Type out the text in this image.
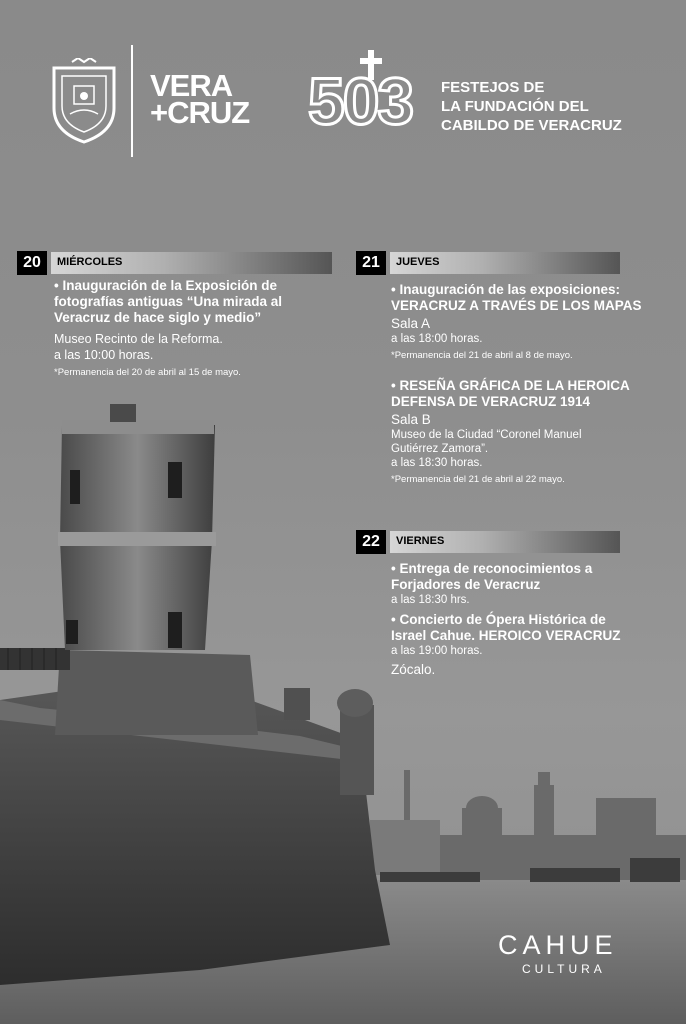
VERA
+CRUZ 503 FESTEJOS DE
LA FUNDACIÓN DEL
CABILDO DE VERACRUZ
20	MIÉRCOLES
• Inauguración de la Exposición de
fotografías antiguas “Una mirada al
Veracruz de hace siglo y medio”
Museo Recinto de la Reforma.
a las 10:00 horas.
*Permanencia del 20 de abril al 15 de mayo.
21	JUEVES
• Inauguración de las exposiciones:
VERACRUZ A TRAVÉS DE LOS MAPAS
Sala A
a las 18:00 horas.
*Permanencia del 21 de abril al 8 de mayo.
• RESEÑA GRÁFICA DE LA HEROICA
DEFENSA DE VERACRUZ 1914
Sala B
Museo de la Ciudad “Coronel Manuel
Gutiérrez Zamora”.
a las 18:30 horas.
*Permanencia del 21 de abril al 22 mayo.
22	VIERNES
• Entrega de reconocimientos a
Forjadores de Veracruz
a las 18:30 hrs.
• Concierto de Ópera Histórica de
Israel Cahue. HEROICO VERACRUZ
a las 19:00 horas.
Zócalo.
CAHUE
CULTURA
